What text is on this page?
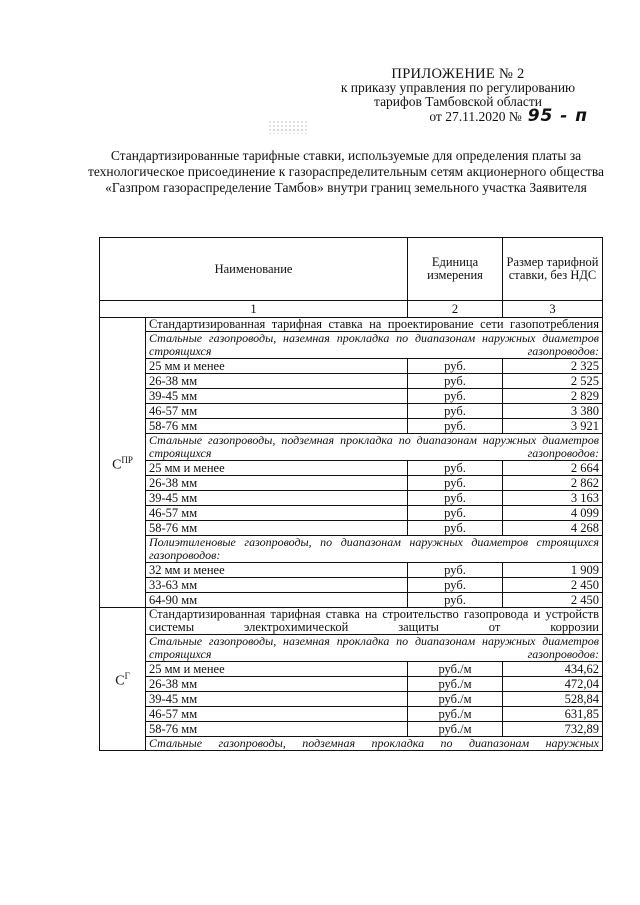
ПРИЛОЖЕНИЕ № 2
к приказу управления по регулированию
тарифов Тамбовской области
от 27.11.2020 № 95 - п
Стандартизированные тарифные ставки, используемые для определения платы за технологическое присоединение к газораспределительным сетям акционерного общества «Газпром газораспределение Тамбов» внутри границ земельного участка Заявителя
Наименование		Единица измерения	Размер тарифной ставки, без НДС
1		2	3
$С^{ПР}$	Стандартизированная тарифная ставка на проектирование сети газопотребления		
	Стальные газопроводы, наземная прокладка по диапазонам наружных диаметров строящихся газопроводов:		
	25 мм и менее	руб.	2 325
	26-38 мм	руб.	2 525
	39-45 мм	руб.	2 829
	46-57 мм	руб.	3 380
	58-76 мм	руб.	3 921
	Стальные газопроводы, подземная прокладка по диапазонам наружных диаметров строящихся газопроводов:		
	25 мм и менее	руб.	2 664
	26-38 мм	руб.	2 862
	39-45 мм	руб.	3 163
	46-57 мм	руб.	4 099
	58-76 мм	руб.	4 268
	Полиэтиленовые газопроводы, по диапазонам наружных диаметров строящихся газопроводов:		
	32 мм и менее	руб.	1 909
	33-63 мм	руб.	2 450
	64-90 мм	руб.	2 450
$С^Г$	Стандартизированная тарифная ставка на строительство газопровода и устройств системы электрохимической защиты от коррозии		
	Стальные газопроводы, наземная прокладка по диапазонам наружных диаметров строящихся газопроводов:		
	25 мм и менее	руб./м	434,62
	26-38 мм	руб./м	472,04
	39-45 мм	руб./м	528,84
	46-57 мм	руб./м	631,85
	58-76 мм	руб./м	732,89
	Стальные газопроводы, подземная прокладка по диапазонам наружных		
